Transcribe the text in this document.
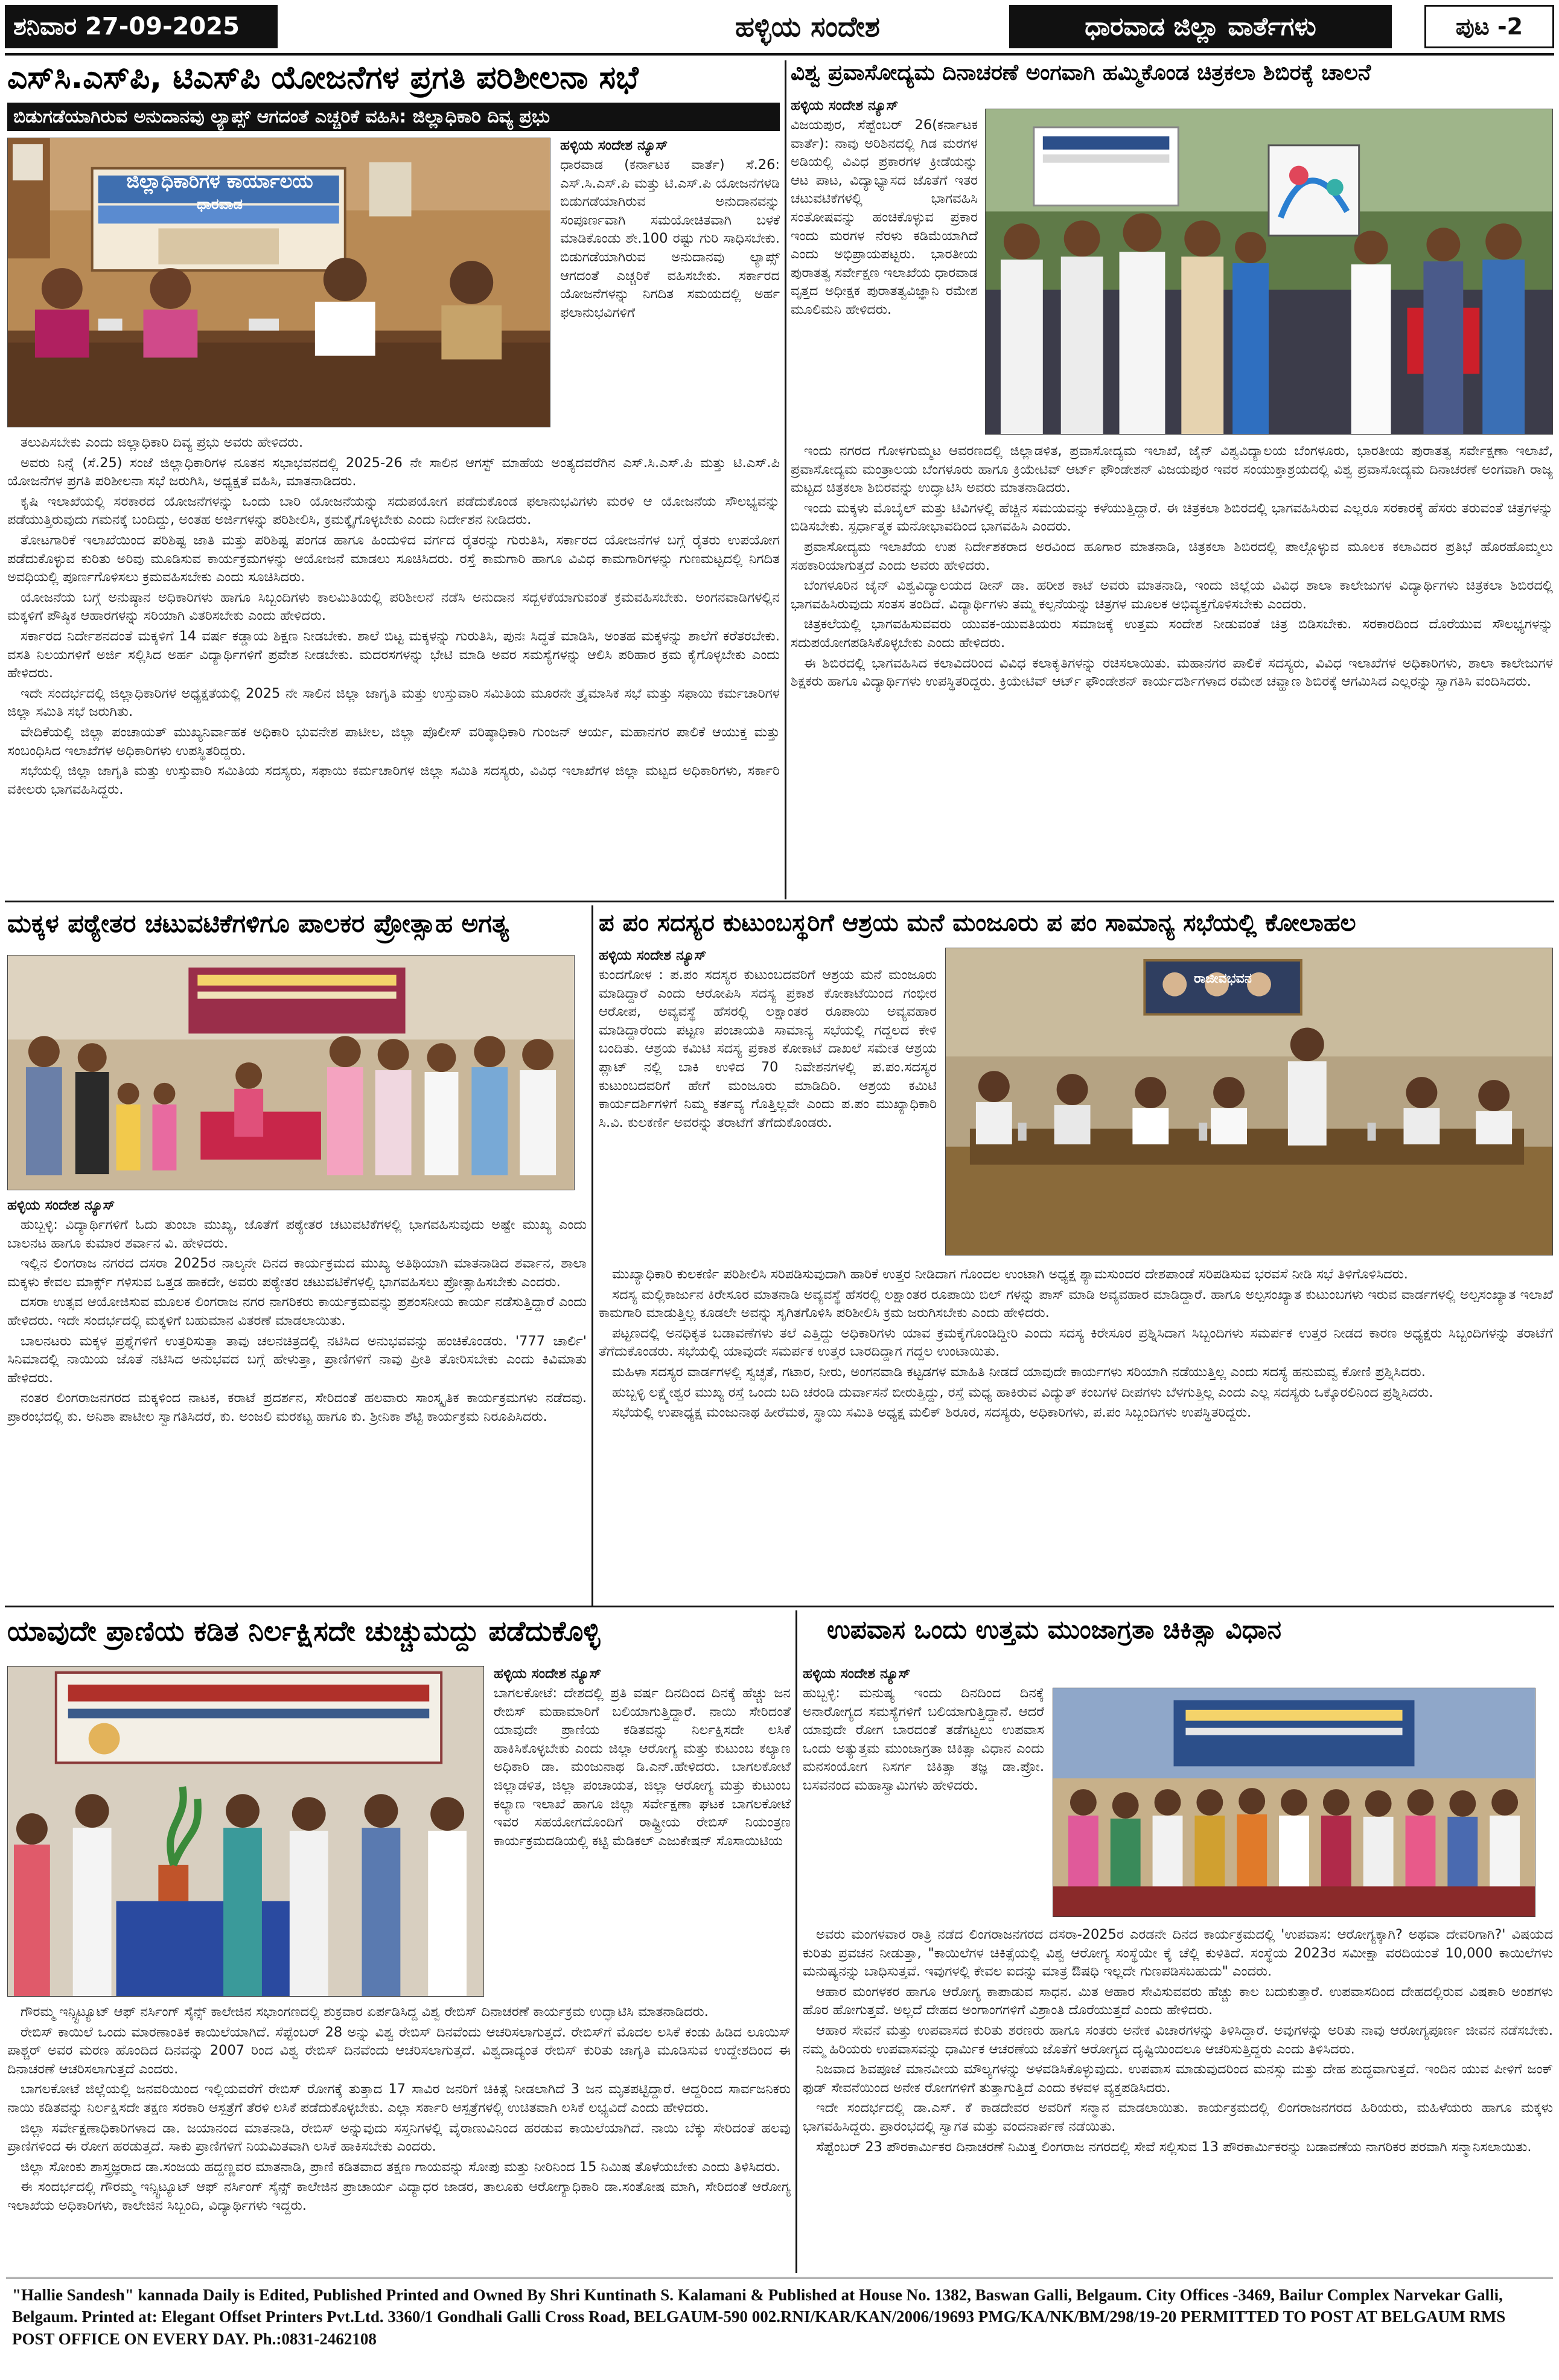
ಶನಿವಾರ 27-09-2025	ಹಳ್ಳಿಯ ಸಂದೇಶ	ಧಾರವಾಡ ಜಿಲ್ಲಾ ವಾರ್ತೆಗಳು	ಪುಟ -2
ಎಸ್‌ಸಿ.ಎಸ್‌ಪಿ, ಟಿಎಸ್‌ಪಿ ಯೋಜನೆಗಳ ಪ್ರಗತಿ ಪರಿಶೀಲನಾ ಸಭೆ
ಬಿಡುಗಡೆಯಾಗಿರುವ ಅನುದಾನವು ಲ್ಯಾಪ್ಸ್ ಆಗದಂತೆ ಎಚ್ಚರಿಕೆ ವಹಿಸಿ: ಜಿಲ್ಲಾಧಿಕಾರಿ ದಿವ್ಯ ಪ್ರಭು
ಜಿಲ್ಲಾಧಿಕಾರಿಗಳ ಕಾರ್ಯಾಲಯ
ಧಾರವಾಡ
ಹಳ್ಳಿಯ ಸಂದೇಶ ನ್ಯೂಸ್
ಧಾರವಾಡ (ಕರ್ನಾಟಕ ವಾರ್ತೆ) ಸೆ.26: ಎಸ್.ಸಿ.ಎಸ್.ಪಿ ಮತ್ತು ಟಿ.ಎಸ್.ಪಿ ಯೋಜನೆಗಳಡಿ ಬಿಡುಗಡೆಯಾಗಿರುವ ಅನುದಾನವನ್ನು ಸಂಪೂರ್ಣವಾಗಿ ಸಮಯೋಚಿತವಾಗಿ ಬಳಕೆ ಮಾಡಿಕೊಂಡು ಶೇ.100 ರಷ್ಟು ಗುರಿ ಸಾಧಿಸಬೇಕು. ಬಿಡುಗಡೆಯಾಗಿರುವ ಅನುದಾನವು ಲ್ಯಾಪ್ಸ್ ಆಗದಂತೆ ಎಚ್ಚರಿಕೆ ವಹಿಸಬೇಕು. ಸರ್ಕಾರದ ಯೋಜನೆಗಳನ್ನು ನಿಗದಿತ ಸಮಯದಲ್ಲಿ ಅರ್ಹ ಫಲಾನುಭವಿಗಳಿಗೆ

ತಲುಪಿಸಬೇಕು ಎಂದು ಜಿಲ್ಲಾಧಿಕಾರಿ ದಿವ್ಯ ಪ್ರಭು ಅವರು ಹೇಳಿದರು.

ಅವರು ನಿನ್ನೆ (ಸೆ.25) ಸಂಜೆ ಜಿಲ್ಲಾಧಿಕಾರಿಗಳ ನೂತನ ಸಭಾಭವನದಲ್ಲಿ 2025-26 ನೇ ಸಾಲಿನ ಆಗಸ್ಟ್ ಮಾಹೆಯ ಅಂತ್ಯದವರೆಗಿನ ಎಸ್.ಸಿ.ಎಸ್.ಪಿ ಮತ್ತು ಟಿ.ಎಸ್.ಪಿ ಯೋಜನೆಗಳ ಪ್ರಗತಿ ಪರಿಶೀಲನಾ ಸಭೆ ಜರುಗಿಸಿ, ಅಧ್ಯಕ್ಷತೆ ವಹಿಸಿ, ಮಾತನಾಡಿದರು.

ಕೃಷಿ ಇಲಾಖೆಯಲ್ಲಿ ಸರಕಾರದ ಯೋಜನೆಗಳನ್ನು ಒಂದು ಬಾರಿ ಯೋಜನೆಯನ್ನು ಸದುಪಯೋಗ ಪಡೆದುಕೊಂಡ ಫಲಾನುಭವಿಗಳು ಮರಳಿ ಆ ಯೋಜನೆಯ ಸೌಲಭ್ಯವನ್ನು ಪಡೆಯುತ್ತಿರುವುದು ಗಮನಕ್ಕೆ ಬಂದಿದ್ದು, ಅಂತಹ ಅರ್ಜಿಗಳನ್ನು ಪರಿಶೀಲಿಸಿ, ಕ್ರಮಕ್ಕೈಗೊಳ್ಳಬೇಕು ಎಂದು ನಿರ್ದೇಶನ ನೀಡಿದರು.

ತೋಟಗಾರಿಕೆ ಇಲಾಖೆಯಿಂದ ಪರಿಶಿಷ್ಟ ಜಾತಿ ಮತ್ತು ಪರಿಶಿಷ್ಟ ಪಂಗಡ ಹಾಗೂ ಹಿಂದುಳಿದ ವರ್ಗದ ರೈತರನ್ನು ಗುರುತಿಸಿ, ಸರ್ಕಾರದ ಯೋಜನೆಗಳ ಬಗ್ಗೆ ರೈತರು ಉಪಯೋಗ ಪಡೆದುಕೊಳ್ಳುವ ಕುರಿತು ಅರಿವು ಮೂಡಿಸುವ ಕಾರ್ಯಕ್ರಮಗಳನ್ನು ಆಯೋಜನೆ ಮಾಡಲು ಸೂಚಿಸಿದರು. ರಸ್ತೆ ಕಾಮಗಾರಿ ಹಾಗೂ ವಿವಿಧ ಕಾಮಗಾರಿಗಳನ್ನು ಗುಣಮಟ್ಟದಲ್ಲಿ ನಿಗದಿತ ಅವಧಿಯಲ್ಲಿ ಪೂರ್ಣಗೊಳಿಸಲು ಕ್ರಮವಹಿಸಬೇಕು ಎಂದು ಸೂಚಿಸಿದರು.

ಯೋಜನೆಯ ಬಗ್ಗೆ ಅನುಷ್ಠಾನ ಅಧಿಕಾರಿಗಳು ಹಾಗೂ ಸಿಬ್ಬಂದಿಗಳು ಕಾಲಮಿತಿಯಲ್ಲಿ ಪರಿಶೀಲನೆ ನಡೆಸಿ ಅನುದಾನ ಸದ್ಬಳಕೆಯಾಗುವಂತೆ ಕ್ರಮವಹಿಸಬೇಕು. ಅಂಗನವಾಡಿಗಳಲ್ಲಿನ ಮಕ್ಕಳಿಗೆ ಪೌಷ್ಠಿಕ ಆಹಾರಗಳನ್ನು ಸರಿಯಾಗಿ ವಿತರಿಸಬೇಕು ಎಂದು ಹೇಳಿದರು.

ಸರ್ಕಾರದ ನಿರ್ದೇಶನದಂತೆ ಮಕ್ಕಳಿಗೆ 14 ವರ್ಷ ಕಡ್ಡಾಯ ಶಿಕ್ಷಣ ನೀಡಬೇಕು. ಶಾಲೆ ಬಿಟ್ಟ ಮಕ್ಕಳನ್ನು ಗುರುತಿಸಿ, ಪುನಃ ಸಿದ್ಧತೆ ಮಾಡಿಸಿ, ಅಂತಹ ಮಕ್ಕಳನ್ನು ಶಾಲೆಗೆ ಕರೆತರಬೇಕು. ವಸತಿ ನಿಲಯಗಳಿಗೆ ಅರ್ಜಿ ಸಲ್ಲಿಸಿದ ಅರ್ಹ ವಿದ್ಯಾರ್ಥಿಗಳಿಗೆ ಪ್ರವೇಶ ನೀಡಬೇಕು. ಮದರಸಗಳನ್ನು ಭೇಟಿ ಮಾಡಿ ಅವರ ಸಮಸ್ಯೆಗಳನ್ನು ಆಲಿಸಿ ಪರಿಹಾರ ಕ್ರಮ ಕೈಗೊಳ್ಳಬೇಕು ಎಂದು ಹೇಳಿದರು.

ಇದೇ ಸಂದರ್ಭದಲ್ಲಿ ಜಿಲ್ಲಾಧಿಕಾರಿಗಳ ಅಧ್ಯಕ್ಷತೆಯಲ್ಲಿ 2025 ನೇ ಸಾಲಿನ ಜಿಲ್ಲಾ ಜಾಗೃತಿ ಮತ್ತು ಉಸ್ತುವಾರಿ ಸಮಿತಿಯ ಮೂರನೇ ತ್ರೈಮಾಸಿಕ ಸಭೆ ಮತ್ತು ಸಫಾಯಿ ಕರ್ಮಚಾರಿಗಳ ಜಿಲ್ಲಾ ಸಮಿತಿ ಸಭೆ ಜರುಗಿತು.

ವೇದಿಕೆಯಲ್ಲಿ ಜಿಲ್ಲಾ ಪಂಚಾಯತ್ ಮುಖ್ಯನಿರ್ವಾಹಕ ಅಧಿಕಾರಿ ಭುವನೇಶ ಪಾಟೀಲ, ಜಿಲ್ಲಾ ಪೊಲೀಸ್ ವರಿಷ್ಠಾಧಿಕಾರಿ ಗುಂಜನ್ ಆರ್ಯ, ಮಹಾನಗರ ಪಾಲಿಕೆ ಆಯುಕ್ತ ಮತ್ತು ಸಂಬಂಧಿಸಿದ ಇಲಾಖೆಗಳ ಅಧಿಕಾರಿಗಳು ಉಪಸ್ಥಿತರಿದ್ದರು.

ಸಭೆಯಲ್ಲಿ ಜಿಲ್ಲಾ ಜಾಗೃತಿ ಮತ್ತು ಉಸ್ತುವಾರಿ ಸಮಿತಿಯ ಸದಸ್ಯರು, ಸಫಾಯಿ ಕರ್ಮಚಾರಿಗಳ ಜಿಲ್ಲಾ ಸಮಿತಿ ಸದಸ್ಯರು, ವಿವಿಧ ಇಲಾಖೆಗಳ ಜಿಲ್ಲಾ ಮಟ್ಟದ ಅಧಿಕಾರಿಗಳು, ಸರ್ಕಾರಿ ವಕೀಲರು ಭಾಗವಹಿಸಿದ್ದರು.

ವಿಶ್ವ ಪ್ರವಾಸೋದ್ಯಮ ದಿನಾಚರಣೆ ಅಂಗವಾಗಿ ಹಮ್ಮಿಕೊಂಡ ಚಿತ್ರಕಲಾ ಶಿಬಿರಕ್ಕೆ ಚಾಲನೆ
ಹಳ್ಳಿಯ ಸಂದೇಶ ನ್ಯೂಸ್
ವಿಜಯಪುರ, ಸೆಪ್ಟೆಂಬರ್ 26(ಕರ್ನಾಟಕ ವಾರ್ತೆ): ನಾವು ಅರಿಶಿನದಲ್ಲಿ ಗಿಡ ಮರಗಳ ಅಡಿಯಲ್ಲಿ ವಿವಿಧ ಪ್ರಕಾರಗಳ ಕ್ರೀಡೆಯನ್ನು ಆಟ ಪಾಟ, ವಿದ್ಯಾಭ್ಯಾಸದ ಜೊತೆಗೆ ಇತರ ಚಟುವಟಿಕೆಗಳಲ್ಲಿ ಭಾಗವಹಿಸಿ ಸಂತೋಷವನ್ನು ಹಂಚಿಕೊಳ್ಳುವ ಪ್ರಕಾರ ಇಂದು ಮರಗಳ ನೆರಳು ಕಡಿಮೆಯಾಗಿದೆ ಎಂದು ಅಭಿಪ್ರಾಯಪಟ್ಟರು. ಭಾರತೀಯ ಪುರಾತತ್ವ ಸರ್ವೇಕ್ಷಣ ಇಲಾಖೆಯ ಧಾರವಾಡ ವೃತ್ತದ ಅಧೀಕ್ಷಕ ಪುರಾತತ್ವವಿಜ್ಞಾನಿ ರಮೇಶ ಮೂಲಿಮನಿ ಹೇಳಿದರು.

ಇಂದು ನಗರದ ಗೋಳಗುಮ್ಮಟ ಆವರಣದಲ್ಲಿ ಜಿಲ್ಲಾಡಳಿತ, ಪ್ರವಾಸೋದ್ಯಮ ಇಲಾಖೆ, ಜೈನ್ ವಿಶ್ವವಿದ್ಯಾಲಯ ಬೆಂಗಳೂರು, ಭಾರತೀಯ ಪುರಾತತ್ವ ಸರ್ವೇಕ್ಷಣಾ ಇಲಾಖೆ, ಪ್ರವಾಸೋದ್ಯಮ ಮಂತ್ರಾಲಯ ಬೆಂಗಳೂರು ಹಾಗೂ ಕ್ರಿಯೇಟಿವ್ ಆರ್ಟ್ ಫೌಂಡೇಶನ್ ವಿಜಯಪುರ ಇವರ ಸಂಯುಕ್ತಾಶ್ರಯದಲ್ಲಿ ವಿಶ್ವ ಪ್ರವಾಸೋದ್ಯಮ ದಿನಾಚರಣೆ ಅಂಗವಾಗಿ ರಾಜ್ಯ ಮಟ್ಟದ ಚಿತ್ರಕಲಾ ಶಿಬಿರವನ್ನು ಉದ್ಘಾಟಿಸಿ ಅವರು ಮಾತನಾಡಿದರು.

ಇಂದು ಮಕ್ಕಳು ಮೊಬೈಲ್ ಮತ್ತು ಟಿವಿಗಳಲ್ಲಿ ಹೆಚ್ಚಿನ ಸಮಯವನ್ನು ಕಳೆಯುತ್ತಿದ್ದಾರೆ. ಈ ಚಿತ್ರಕಲಾ ಶಿಬಿರದಲ್ಲಿ ಭಾಗವಹಿಸಿರುವ ಎಲ್ಲರೂ ಸರಕಾರಕ್ಕೆ ಹೆಸರು ತರುವಂತೆ ಚಿತ್ರಗಳನ್ನು ಬಿಡಿಸಬೇಕು. ಸ್ಪರ್ಧಾತ್ಮಕ ಮನೋಭಾವದಿಂದ ಭಾಗವಹಿಸಿ ಎಂದರು.

ಪ್ರವಾಸೋದ್ಯಮ ಇಲಾಖೆಯ ಉಪ ನಿರ್ದೇಶಕರಾದ ಅರವಿಂದ ಹೂಗಾರ ಮಾತನಾಡಿ, ಚಿತ್ರಕಲಾ ಶಿಬಿರದಲ್ಲಿ ಪಾಲ್ಗೊಳ್ಳುವ ಮೂಲಕ ಕಲಾವಿದರ ಪ್ರತಿಭೆ ಹೊರಹೊಮ್ಮಲು ಸಹಕಾರಿಯಾಗುತ್ತದೆ ಎಂದು ಅವರು ಹೇಳಿದರು.

ಬೆಂಗಳೂರಿನ ಜೈನ್ ವಿಶ್ವವಿದ್ಯಾಲಯದ ಡೀನ್ ಡಾ. ಹರೀಶ ಕಾಟೆ ಅವರು ಮಾತನಾಡಿ, ಇಂದು ಜಿಲ್ಲೆಯ ವಿವಿಧ ಶಾಲಾ ಕಾಲೇಜುಗಳ ವಿದ್ಯಾರ್ಥಿಗಳು ಚಿತ್ರಕಲಾ ಶಿಬಿರದಲ್ಲಿ ಭಾಗವಹಿಸಿರುವುದು ಸಂತಸ ತಂದಿದೆ. ವಿದ್ಯಾರ್ಥಿಗಳು ತಮ್ಮ ಕಲ್ಪನೆಯನ್ನು ಚಿತ್ರಗಳ ಮೂಲಕ ಅಭಿವ್ಯಕ್ತಗೊಳಿಸಬೇಕು ಎಂದರು.

ಚಿತ್ರಕಲೆಯಲ್ಲಿ ಭಾಗವಹಿಸುವವರು ಯುವಕ-ಯುವತಿಯರು ಸಮಾಜಕ್ಕೆ ಉತ್ತಮ ಸಂದೇಶ ನೀಡುವಂತೆ ಚಿತ್ರ ಬಿಡಿಸಬೇಕು. ಸರಕಾರದಿಂದ ದೊರೆಯುವ ಸೌಲಭ್ಯಗಳನ್ನು ಸದುಪಯೋಗಪಡಿಸಿಕೊಳ್ಳಬೇಕು ಎಂದು ಹೇಳಿದರು.

ಈ ಶಿಬಿರದಲ್ಲಿ ಭಾಗವಹಿಸಿದ ಕಲಾವಿದರಿಂದ ವಿವಿಧ ಕಲಾಕೃತಿಗಳನ್ನು ರಚಿಸಲಾಯಿತು. ಮಹಾನಗರ ಪಾಲಿಕೆ ಸದಸ್ಯರು, ವಿವಿಧ ಇಲಾಖೆಗಳ ಅಧಿಕಾರಿಗಳು, ಶಾಲಾ ಕಾಲೇಜುಗಳ ಶಿಕ್ಷಕರು ಹಾಗೂ ವಿದ್ಯಾರ್ಥಿಗಳು ಉಪಸ್ಥಿತರಿದ್ದರು. ಕ್ರಿಯೇಟಿವ್ ಆರ್ಟ್ ಫೌಂಡೇಶನ್ ಕಾರ್ಯದರ್ಶಿಗಳಾದ ರಮೇಶ ಚವ್ಹಾಣ ಶಿಬಿರಕ್ಕೆ ಆಗಮಿಸಿದ ಎಲ್ಲರನ್ನು ಸ್ವಾಗತಿಸಿ ವಂದಿಸಿದರು.

ಮಕ್ಕಳ ಪಠ್ಯೇತರ ಚಟುವಟಿಕೆಗಳಿಗೂ ಪಾಲಕರ ಪ್ರೋತ್ಸಾಹ ಅಗತ್ಯ
ಹಳ್ಳಿಯ ಸಂದೇಶ ನ್ಯೂಸ್

ಹುಬ್ಬಳ್ಳಿ: ವಿದ್ಯಾರ್ಥಿಗಳಿಗೆ ಓದು ತುಂಬಾ ಮುಖ್ಯ, ಜೊತೆಗೆ ಪಠ್ಯೇತರ ಚಟುವಟಿಕೆಗಳಲ್ಲಿ ಭಾಗವಹಿಸುವುದು ಅಷ್ಟೇ ಮುಖ್ಯ ಎಂದು ಬಾಲನಟ ಹಾಗೂ ಕುಮಾರ ಶರ್ವಾನ ವಿ. ಹೇಳಿದರು.

ಇಲ್ಲಿನ ಲಿಂಗರಾಜ ನಗರದ ದಸರಾ 2025ರ ನಾಲ್ಕನೇ ದಿನದ ಕಾರ್ಯಕ್ರಮದ ಮುಖ್ಯ ಅತಿಥಿಯಾಗಿ ಮಾತನಾಡಿದ ಶರ್ವಾನ, ಶಾಲಾ ಮಕ್ಕಳು ಕೇವಲ ಮಾರ್ಕ್ಸ್ ಗಳಿಸುವ ಒತ್ತಡ ಹಾಕದೇ, ಅವರು ಪಠ್ಯೇತರ ಚಟುವಟಿಕೆಗಳಲ್ಲಿ ಭಾಗವಹಿಸಲು ಪ್ರೋತ್ಸಾಹಿಸಬೇಕು ಎಂದರು.

ದಸರಾ ಉತ್ಸವ ಆಯೋಜಿಸುವ ಮೂಲಕ ಲಿಂಗರಾಜ ನಗರ ನಾಗರಿಕರು ಕಾರ್ಯಕ್ರಮವನ್ನು ಪ್ರಶಂಸನೀಯ ಕಾರ್ಯ ನಡೆಸುತ್ತಿದ್ದಾರೆ ಎಂದು ಹೇಳಿದರು. ಇದೇ ಸಂದರ್ಭದಲ್ಲಿ ಮಕ್ಕಳಿಗೆ ಬಹುಮಾನ ವಿತರಣೆ ಮಾಡಲಾಯಿತು.

ಬಾಲನಟರು ಮಕ್ಕಳ ಪ್ರಶ್ನೆಗಳಿಗೆ ಉತ್ತರಿಸುತ್ತಾ ತಾವು ಚಲನಚಿತ್ರದಲ್ಲಿ ನಟಿಸಿದ ಅನುಭವವನ್ನು ಹಂಚಿಕೊಂಡರು. '777 ಚಾರ್ಲಿ' ಸಿನಿಮಾದಲ್ಲಿ ನಾಯಿಯ ಜೊತೆ ನಟಿಸಿದ ಅನುಭವದ ಬಗ್ಗೆ ಹೇಳುತ್ತಾ, ಪ್ರಾಣಿಗಳಿಗೆ ನಾವು ಪ್ರೀತಿ ತೋರಿಸಬೇಕು ಎಂದು ಕಿವಿಮಾತು ಹೇಳಿದರು.

ನಂತರ ಲಿಂಗರಾಜನಗರದ ಮಕ್ಕಳಿಂದ ನಾಟಕ, ಕರಾಟೆ ಪ್ರದರ್ಶನ, ಸೇರಿದಂತೆ ಹಲವಾರು ಸಾಂಸ್ಕೃತಿಕ ಕಾರ್ಯಕ್ರಮಗಳು ನಡೆದವು. ಪ್ರಾರಂಭದಲ್ಲಿ ಕು. ಅನಿಶಾ ಪಾಟೀಲ ಸ್ವಾಗತಿಸಿದರೆ, ಕು. ಅಂಜಲಿ ಮರಕಟ್ಟ ಹಾಗೂ ಕು. ಶ್ರೀನಿಕಾ ಶೆಟ್ಟಿ ಕಾರ್ಯಕ್ರಮ ನಿರೂಪಿಸಿದರು.

ಪ ಪಂ ಸದಸ್ಯರ ಕುಟುಂಬಸ್ಥರಿಗೆ ಆಶ್ರಯ ಮನೆ ಮಂಜೂರು ಪ ಪಂ ಸಾಮಾನ್ಯ ಸಭೆಯಲ್ಲಿ ಕೋಲಾಹಲ
ಹಳ್ಳಿಯ ಸಂದೇಶ ನ್ಯೂಸ್
ಕುಂದಗೋಳ : ಪ.ಪಂ ಸದಸ್ಯರ ಕುಟುಂಬದವರಿಗೆ ಆಶ್ರಯ ಮನೆ ಮಂಜೂರು ಮಾಡಿದ್ದಾರೆ ಎಂದು ಆರೋಪಿಸಿ ಸದಸ್ಯ ಪ್ರಕಾಶ ಕೋಕಾಟೆಯಿಂದ ಗಂಭೀರ ಆರೋಪ, ಅವ್ಯವಸ್ಥೆ ಹೆಸರಲ್ಲಿ ಲಕ್ಷಾಂತರ ರೂಪಾಯಿ ಅವ್ಯವಹಾರ ಮಾಡಿದ್ದಾರೆಂದು ಪಟ್ಟಣ ಪಂಚಾಯತಿ ಸಾಮಾನ್ಯ ಸಭೆಯಲ್ಲಿ ಗದ್ದಲದ ಕೇಳಿ ಬಂದಿತು. ಆಶ್ರಯ ಕಮಿಟಿ ಸದಸ್ಯ ಪ್ರಕಾಶ ಕೋಕಾಟೆ ದಾಖಲೆ ಸಮೇತ ಆಶ್ರಯ ಪ್ಲಾಟ್ ನಲ್ಲಿ ಬಾಕಿ ಉಳಿದ 70 ನಿವೇಶನಗಳಲ್ಲಿ ಪ.ಪಂ.ಸದಸ್ಯರ ಕುಟುಂಬದವರಿಗೆ ಹೇಗೆ ಮಂಜೂರು ಮಾಡಿದಿರಿ. ಆಶ್ರಯ ಕಮಿಟಿ ಕಾರ್ಯದರ್ಶಿಗಳಿಗೆ ನಿಮ್ಮ ಕರ್ತವ್ಯ ಗೊತ್ತಿಲ್ಲವೇ ಎಂದು ಪ.ಪಂ ಮುಖ್ಯಾಧಿಕಾರಿ ಸಿ.ವಿ. ಕುಲಕರ್ಣಿ ಅವರನ್ನು ತರಾಟೆಗೆ ತೆಗೆದುಕೊಂಡರು.
ರಾಜೀವಭವನ

ಮುಖ್ಯಾಧಿಕಾರಿ ಕುಲಕರ್ಣಿ ಪರಿಶೀಲಿಸಿ ಸರಿಪಡಿಸುವುದಾಗಿ ಹಾರಿಕೆ ಉತ್ತರ ನೀಡಿದಾಗ ಗೊಂದಲ ಉಂಟಾಗಿ ಅಧ್ಯಕ್ಷ ಶ್ಯಾಮಸುಂದರ ದೇಶಪಾಂಡೆ ಸರಿಪಡಿಸುವ ಭರವಸೆ ನೀಡಿ ಸಭೆ ತಿಳಿಗೊಳಿಸಿದರು.

ಸದಸ್ಯ ಮಲ್ಲಿಕಾರ್ಜುನ ಕಿರೇಸೂರ ಮಾತನಾಡಿ ಅವ್ಯವಸ್ಥೆ ಹೆಸರಲ್ಲಿ ಲಕ್ಷಾಂತರ ರೂಪಾಯಿ ಬಿಲ್ ಗಳನ್ನು ಪಾಸ್ ಮಾಡಿ ಅವ್ಯವಹಾರ ಮಾಡಿದ್ದಾರೆ. ಹಾಗೂ ಅಲ್ಪಸಂಖ್ಯಾತ ಕುಟುಂಬಗಳು ಇರುವ ವಾರ್ಡಗಳಲ್ಲಿ ಅಲ್ಪಸಂಖ್ಯಾತ ಇಲಾಖೆ ಕಾಮಗಾರಿ ಮಾಡುತ್ತಿಲ್ಲ ಕೂಡಲೇ ಅವನ್ನು ಸೃಗಿತಗೊಳಿಸಿ ಪರಿಶೀಲಿಸಿ ಕ್ರಮ ಜರುಗಿಸಬೇಕು ಎಂದು ಹೇಳಿದರು.

ಪಟ್ಟಣದಲ್ಲಿ ಅನಧಿಕೃತ ಬಡಾವಣೆಗಳು ತಲೆ ಎತ್ತಿದ್ದು ಅಧಿಕಾರಿಗಳು ಯಾವ ಕ್ರಮಕೈಗೊಂಡಿದ್ದೀರಿ ಎಂದು ಸದಸ್ಯ ಕಿರೇಸೂರ ಪ್ರಶ್ನಿಸಿದಾಗ ಸಿಬ್ಬಂದಿಗಳು ಸಮರ್ಪಕ ಉತ್ತರ ನೀಡದ ಕಾರಣ ಅಧ್ಯಕ್ಷರು ಸಿಬ್ಬಂದಿಗಳನ್ನು ತರಾಟೆಗೆ ತೆಗೆದುಕೊಂಡರು. ಸಭೆಯಲ್ಲಿ ಯಾವುದೇ ಸಮರ್ಪಕ ಉತ್ತರ ಬಾರದಿದ್ದಾಗ ಗದ್ದಲ ಉಂಟಾಯಿತು.

ಮಹಿಳಾ ಸದಸ್ಯರ ವಾರ್ಡಗಳಲ್ಲಿ ಸ್ವಚ್ಛತೆ, ಗಟಾರ, ನೀರು, ಅಂಗನವಾಡಿ ಕಟ್ಟಡಗಳ ಮಾಹಿತಿ ನೀಡದೆ ಯಾವುದೇ ಕಾರ್ಯಗಳು ಸರಿಯಾಗಿ ನಡೆಯುತ್ತಿಲ್ಲ ಎಂದು ಸದಸ್ಯೆ ಹನುಮವ್ವ ಕೋಣಿ ಪ್ರಶ್ನಿಸಿದರು.

ಹುಬ್ಬಳ್ಳಿ ಲಕ್ಷ್ಮೇಶ್ವರ ಮುಖ್ಯ ರಸ್ತೆ ಒಂದು ಬದಿ ಚರಂಡಿ ದುರ್ವಾಸನೆ ಬೀರುತ್ತಿದ್ದು, ರಸ್ತೆ ಮಧ್ಯ ಹಾಕಿರುವ ವಿದ್ಯುತ್ ಕಂಬಗಳ ದೀಪಗಳು ಬೆಳಗುತ್ತಿಲ್ಲ ಎಂದು ಎಲ್ಲ ಸದಸ್ಯರು ಒಕ್ಕೊರಲಿನಿಂದ ಪ್ರಶ್ನಿಸಿದರು.

ಸಭೆಯಲ್ಲಿ ಉಪಾಧ್ಯಕ್ಷ ಮಂಜುನಾಥ ಹೀರೆಮಠ, ಸ್ಥಾಯಿ ಸಮಿತಿ ಅಧ್ಯಕ್ಷ ಮಲಿಕ್ ಶಿರೂರ, ಸದಸ್ಯರು, ಅಧಿಕಾರಿಗಳು, ಪ.ಪಂ ಸಿಬ್ಬಂದಿಗಳು ಉಪಸ್ಥಿತರಿದ್ದರು.

ಯಾವುದೇ ಪ್ರಾಣಿಯ ಕಡಿತ ನಿರ್ಲಕ್ಷಿಸದೇ ಚುಚ್ಚುಮದ್ದು ಪಡೆದುಕೊಳ್ಳಿ
ಹಳ್ಳಿಯ ಸಂದೇಶ ನ್ಯೂಸ್
ಬಾಗಲಕೋಟೆ: ದೇಶದಲ್ಲಿ ಪ್ರತಿ ವರ್ಷ ದಿನದಿಂದ ದಿನಕ್ಕೆ ಹೆಚ್ಚು ಜನ ರೇಬಿಸ್ ಮಹಾಮಾರಿಗೆ ಬಲಿಯಾಗುತ್ತಿದ್ದಾರೆ. ನಾಯಿ ಸೇರಿದಂತೆ ಯಾವುದೇ ಪ್ರಾಣಿಯ ಕಡಿತವನ್ನು ನಿರ್ಲಕ್ಷಿಸದೇ ಲಸಿಕೆ ಹಾಕಿಸಿಕೊಳ್ಳಬೇಕು ಎಂದು ಜಿಲ್ಲಾ ಆರೋಗ್ಯ ಮತ್ತು ಕುಟುಂಬ ಕಲ್ಯಾಣ ಅಧಿಕಾರಿ ಡಾ. ಮಂಜುನಾಥ ಡಿ.ಎನ್.ಹೇಳಿದರು. ಬಾಗಲಕೋಟೆ ಜಿಲ್ಲಾಡಳಿತ, ಜಿಲ್ಲಾ ಪಂಚಾಯತ, ಜಿಲ್ಲಾ ಆರೋಗ್ಯ ಮತ್ತು ಕುಟುಂಬ ಕಲ್ಯಾಣ ಇಲಾಖೆ ಹಾಗೂ ಜಿಲ್ಲಾ ಸರ್ವೇಕ್ಷಣಾ ಘಟಕ ಬಾಗಲಕೋಟೆ ಇವರ ಸಹಯೋಗದೊಂದಿಗೆ ರಾಷ್ಟ್ರೀಯ ರೇಬಿಸ್ ನಿಯಂತ್ರಣ ಕಾರ್ಯಕ್ರಮದಡಿಯಲ್ಲಿ ಕಟ್ಟಿ ಮೆಡಿಕಲ್ ಎಜುಕೇಷನ್ ಸೊಸಾಯಿಟಿಯ

ಗೌರಮ್ಮ ಇನ್ಸ್ಟಿಟ್ಯೂಟ್ ಆಫ್ ನರ್ಸಿಂಗ್ ಸೈನ್ಸ್ ಕಾಲೇಜಿನ ಸಭಾಂಗಣದಲ್ಲಿ ಶುಕ್ರವಾರ ಏರ್ಪಡಿಸಿದ್ದ ವಿಶ್ವ ರೇಬಿಸ್ ದಿನಾಚರಣೆ ಕಾರ್ಯಕ್ರಮ ಉದ್ಘಾಟಿಸಿ ಮಾತನಾಡಿದರು.

ರೇಬಿಸ್ ಕಾಯಿಲೆ ಒಂದು ಮಾರಣಾಂತಿಕ ಕಾಯಿಲೆಯಾಗಿದೆ. ಸೆಪ್ಟೆಂಬರ್ 28 ಅನ್ನು ವಿಶ್ವ ರೇಬಿಸ್ ದಿನವೆಂದು ಆಚರಿಸಲಾಗುತ್ತದೆ. ರೇಬಿಸ್‌ಗೆ ಮೊದಲ ಲಸಿಕೆ ಕಂಡು ಹಿಡಿದ ಲೂಯಿಸ್ ಪಾಶ್ಚರ್ ಅವರ ಮರಣ ಹೊಂದಿದ ದಿನವನ್ನು 2007 ರಿಂದ ವಿಶ್ವ ರೇಬಿಸ್ ದಿನವೆಂದು ಆಚರಿಸಲಾಗುತ್ತದೆ. ವಿಶ್ವದಾದ್ಯಂತ ರೇಬಿಸ್ ಕುರಿತು ಜಾಗೃತಿ ಮೂಡಿಸುವ ಉದ್ದೇಶದಿಂದ ಈ ದಿನಾಚರಣೆ ಆಚರಿಸಲಾಗುತ್ತದೆ ಎಂದರು.

ಬಾಗಲಕೋಟೆ ಜಿಲ್ಲೆಯಲ್ಲಿ ಜನವರಿಯಿಂದ ಇಲ್ಲಿಯವರೆಗೆ ರೇಬಿಸ್ ರೋಗಕ್ಕೆ ತುತ್ತಾದ 17 ಸಾವಿರ ಜನರಿಗೆ ಚಿಕಿತ್ಸೆ ನೀಡಲಾಗಿದೆ 3 ಜನ ಮೃತಪಟ್ಟಿದ್ದಾರೆ. ಆದ್ದರಿಂದ ಸಾರ್ವಜನಿಕರು ನಾಯಿ ಕಡಿತವನ್ನು ನಿರ್ಲಕ್ಷಿಸದೇ ತಕ್ಷಣ ಸರಕಾರಿ ಆಸ್ಪತ್ರೆಗೆ ತೆರಳಿ ಲಸಿಕೆ ಪಡೆದುಕೊಳ್ಳಬೇಕು. ಎಲ್ಲಾ ಸರ್ಕಾರಿ ಆಸ್ಪತ್ರೆಗಳಲ್ಲಿ ಉಚಿತವಾಗಿ ಲಸಿಕೆ ಲಭ್ಯವಿದೆ ಎಂದು ಹೇಳಿದರು.

ಜಿಲ್ಲಾ ಸರ್ವೇಕ್ಷಣಾಧಿಕಾರಿಗಳಾದ ಡಾ. ಜಯಾನಂದ ಮಾತನಾಡಿ, ರೇಬಿಸ್ ಅನ್ನುವುದು ಸಸ್ತನಿಗಳಲ್ಲಿ ವೈರಾಣುವಿನಿಂದ ಹರಡುವ ಕಾಯಿಲೆಯಾಗಿದೆ. ನಾಯಿ ಬೆಕ್ಕು ಸೇರಿದಂತೆ ಹಲವು ಪ್ರಾಣಿಗಳಿಂದ ಈ ರೋಗ ಹರಡುತ್ತದೆ. ಸಾಕು ಪ್ರಾಣಿಗಳಿಗೆ ನಿಯಮಿತವಾಗಿ ಲಸಿಕೆ ಹಾಕಿಸಬೇಕು ಎಂದರು.

ಜಿಲ್ಲಾ ಸೋಂಕು ಶಾಸ್ತ್ರಜ್ಞರಾದ ಡಾ.ಸಂಜಯ ಹದ್ದಣ್ಣವರ ಮಾತನಾಡಿ, ಪ್ರಾಣಿ ಕಡಿತವಾದ ತಕ್ಷಣ ಗಾಯವನ್ನು ಸೋಪು ಮತ್ತು ನೀರಿನಿಂದ 15 ನಿಮಿಷ ತೊಳೆಯಬೇಕು ಎಂದು ತಿಳಿಸಿದರು.

ಈ ಸಂದರ್ಭದಲ್ಲಿ ಗೌರಮ್ಮ ಇನ್ಸ್ಟಿಟ್ಯೂಟ್ ಆಫ್ ನರ್ಸಿಂಗ್ ಸೈನ್ಸ್ ಕಾಲೇಜಿನ ಪ್ರಾಚಾರ್ಯ ವಿದ್ಯಾಧರ ಜಾಡರ, ತಾಲೂಕು ಆರೋಗ್ಯಾಧಿಕಾರಿ ಡಾ.ಸಂತೋಷ ಮಾಗಿ, ಸೇರಿದಂತೆ ಆರೋಗ್ಯ ಇಲಾಖೆಯ ಅಧಿಕಾರಿಗಳು, ಕಾಲೇಜಿನ ಸಿಬ್ಬಂದಿ, ವಿದ್ಯಾರ್ಥಿಗಳು ಇದ್ದರು.

ಉಪವಾಸ ಒಂದು ಉತ್ತಮ ಮುಂಜಾಗ್ರತಾ ಚಿಕಿತ್ಸಾ ವಿಧಾನ
ಹಳ್ಳಿಯ ಸಂದೇಶ ನ್ಯೂಸ್
ಹುಬ್ಬಳ್ಳಿ: ಮನುಷ್ಯ ಇಂದು ದಿನದಿಂದ ದಿನಕ್ಕೆ ಅನಾರೋಗ್ಯದ ಸಮಸ್ಯೆಗಳಿಗೆ ಬಲಿಯಾಗುತ್ತಿದ್ದಾನೆ. ಆದರೆ ಯಾವುದೇ ರೋಗ ಬಾರದಂತೆ ತಡೆಗಟ್ಟಲು ಉಪವಾಸ ಒಂದು ಅತ್ಯುತ್ತಮ ಮುಂಜಾಗ್ರತಾ ಚಿಕಿತ್ಸಾ ವಿಧಾನ ಎಂದು ಮನಸಂಯೋಗ ನಿಸರ್ಗ ಚಿಕಿತ್ಸಾ ತಜ್ಞ ಡಾ.ಪ್ರೋ. ಬಸವನಂದ ಮಹಾಸ್ವಾಮಿಗಳು ಹೇಳಿದರು.

ಅವರು ಮಂಗಳವಾರ ರಾತ್ರಿ ನಡೆದ ಲಿಂಗರಾಜನಗರದ ದಸರಾ-2025ರ ಎರಡನೇ ದಿನದ ಕಾರ್ಯಕ್ರಮದಲ್ಲಿ 'ಉಪವಾಸ: ಆರೋಗ್ಯಕ್ಕಾಗಿ? ಅಥವಾ ದೇವರಿಗಾಗಿ?' ವಿಷಯದ ಕುರಿತು ಪ್ರವಚನ ನೀಡುತ್ತಾ, "ಕಾಯಿಲೆಗಳ ಚಿಕಿತ್ಸೆಯಲ್ಲಿ ವಿಶ್ವ ಆರೋಗ್ಯ ಸಂಸ್ಥೆಯೇ ಕೈ ಚೆಲ್ಲಿ ಕುಳಿತಿದೆ. ಸಂಸ್ಥೆಯ 2023ರ ಸಮೀಕ್ಷಾ ವರದಿಯಂತೆ 10,000 ಕಾಯಿಲೆಗಳು ಮನುಷ್ಯನನ್ನು ಬಾಧಿಸುತ್ತವೆ. ಇವುಗಳಲ್ಲಿ ಕೇವಲ ಐದನ್ನು ಮಾತ್ರ ಔಷಧಿ ಇಲ್ಲದೇ ಗುಣಪಡಿಸಬಹುದು" ಎಂದರು.

ಆಹಾರ ಮಂಗಳಕರ ಹಾಗೂ ಆರೋಗ್ಯ ಕಾಪಾಡುವ ಸಾಧನ. ಮಿತ ಆಹಾರ ಸೇವಿಸುವವರು ಹೆಚ್ಚು ಕಾಲ ಬದುಕುತ್ತಾರೆ. ಉಪವಾಸದಿಂದ ದೇಹದಲ್ಲಿರುವ ವಿಷಕಾರಿ ಅಂಶಗಳು ಹೊರ ಹೋಗುತ್ತವೆ. ಅಲ್ಲದೆ ದೇಹದ ಅಂಗಾಂಗಗಳಿಗೆ ವಿಶ್ರಾಂತಿ ದೊರೆಯುತ್ತದೆ ಎಂದು ಹೇಳಿದರು.

ಆಹಾರ ಸೇವನೆ ಮತ್ತು ಉಪವಾಸದ ಕುರಿತು ಶರಣರು ಹಾಗೂ ಸಂತರು ಅನೇಕ ವಿಚಾರಗಳನ್ನು ತಿಳಿಸಿದ್ದಾರೆ. ಅವುಗಳನ್ನು ಅರಿತು ನಾವು ಆರೋಗ್ಯಪೂರ್ಣ ಜೀವನ ನಡೆಸಬೇಕು. ನಮ್ಮ ಹಿರಿಯರು ಉಪವಾಸವನ್ನು ಧಾರ್ಮಿಕ ಆಚರಣೆಯ ಜೊತೆಗೆ ಆರೋಗ್ಯದ ದೃಷ್ಟಿಯಿಂದಲೂ ಆಚರಿಸುತ್ತಿದ್ದರು ಎಂದು ತಿಳಿಸಿದರು.

ನಿಜವಾದ ಶಿವಪೂಜೆ ಮಾನವೀಯ ಮೌಲ್ಯಗಳನ್ನು ಅಳವಡಿಸಿಕೊಳ್ಳುವುದು. ಉಪವಾಸ ಮಾಡುವುದರಿಂದ ಮನಸ್ಸು ಮತ್ತು ದೇಹ ಶುದ್ಧವಾಗುತ್ತದೆ. ಇಂದಿನ ಯುವ ಪೀಳಿಗೆ ಜಂಕ್ ಫುಡ್ ಸೇವನೆಯಿಂದ ಅನೇಕ ರೋಗಗಳಿಗೆ ತುತ್ತಾಗುತ್ತಿದೆ ಎಂದು ಕಳವಳ ವ್ಯಕ್ತಪಡಿಸಿದರು.

ಇದೇ ಸಂದರ್ಭದಲ್ಲಿ ಡಾ.ಎಸ್. ಕೆ ಕಾಡದೇವರ ಅವರಿಗೆ ಸನ್ಮಾನ ಮಾಡಲಾಯಿತು. ಕಾರ್ಯಕ್ರಮದಲ್ಲಿ ಲಿಂಗರಾಜನಗರದ ಹಿರಿಯರು, ಮಹಿಳೆಯರು ಹಾಗೂ ಮಕ್ಕಳು ಭಾಗವಹಿಸಿದ್ದರು. ಪ್ರಾರಂಭದಲ್ಲಿ ಸ್ವಾಗತ ಮತ್ತು ವಂದನಾರ್ಪಣೆ ನಡೆಯಿತು.

ಸೆಪ್ಟೆಂಬರ್ 23 ಪೌರಕಾರ್ಮಿಕರ ದಿನಾಚರಣೆ ನಿಮಿತ್ತ ಲಿಂಗರಾಜ ನಗರದಲ್ಲಿ ಸೇವೆ ಸಲ್ಲಿಸುವ 13 ಪೌರಕಾರ್ಮಿಕರನ್ನು ಬಡಾವಣೆಯ ನಾಗರಿಕರ ಪರವಾಗಿ ಸನ್ಮಾನಿಸಲಾಯಿತು.

"Hallie Sandesh" kannada Daily is Edited, Published Printed and Owned By Shri Kuntinath S. Kalamani & Published at House No. 1382, Baswan Galli, Belgaum. City Offices -3469, Bailur Complex Narvekar Galli, Belgaum. Printed at: Elegant Offset Printers Pvt.Ltd. 3360/1 Gondhali Galli Cross Road, BELGAUM-590 002.RNI/KAR/KAN/2006/19693 PMG/KA/NK/BM/298/19-20 PERMITTED TO POST AT BELGAUM RMS POST OFFICE ON EVERY DAY. Ph.:0831-2462108
